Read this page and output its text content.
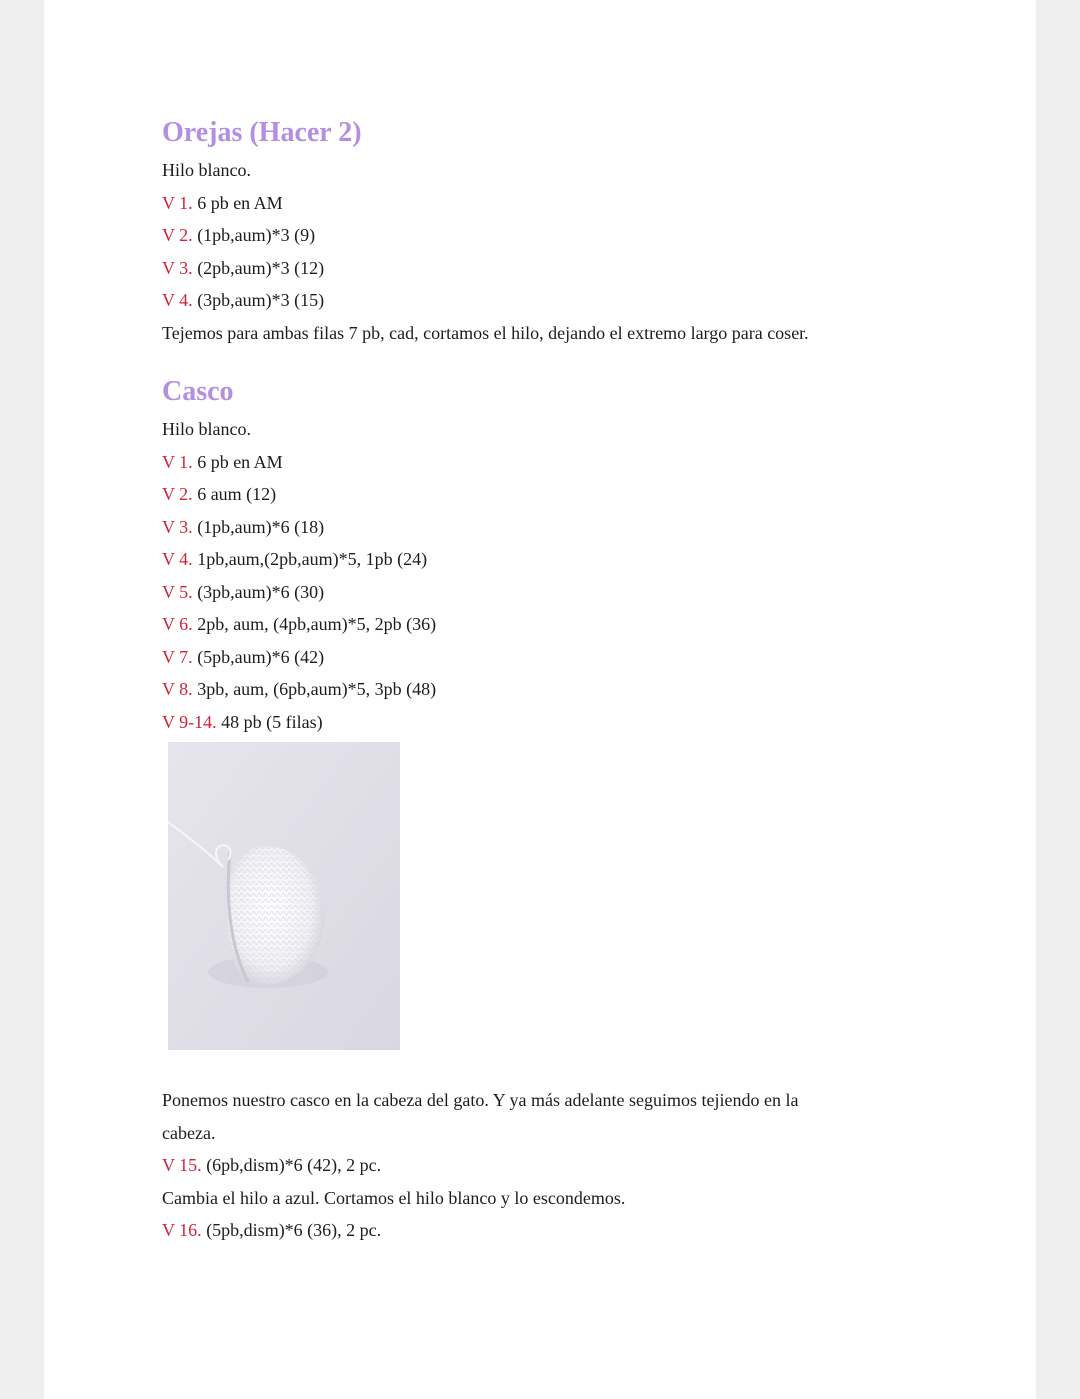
Orejas (Hacer 2)
Hilo blanco.
V 1. 6 pb en AM
V 2. (1pb,aum)*3 (9)
V 3. (2pb,aum)*3 (12)
V 4. (3pb,aum)*3 (15)
Tejemos para ambas filas 7 pb, cad, cortamos el hilo, dejando el extremo largo para coser.
Casco
Hilo blanco.
V 1. 6 pb en AM
V 2. 6 aum (12)
V 3. (1pb,aum)*6 (18)
V 4. 1pb,aum,(2pb,aum)*5, 1pb (24)
V 5. (3pb,aum)*6 (30)
V 6. 2pb, aum, (4pb,aum)*5, 2pb (36)
V 7. (5pb,aum)*6 (42)
V 8. 3pb, aum, (6pb,aum)*5, 3pb (48)
V 9-14. 48 pb (5 filas)
Ponemos nuestro casco en la cabeza del gato. Y ya más adelante seguimos tejiendo en la
cabeza.
V 15. (6pb,dism)*6 (42), 2 pc.
Cambia el hilo a azul. Cortamos el hilo blanco y lo escondemos.
V 16. (5pb,dism)*6 (36), 2 pc.
